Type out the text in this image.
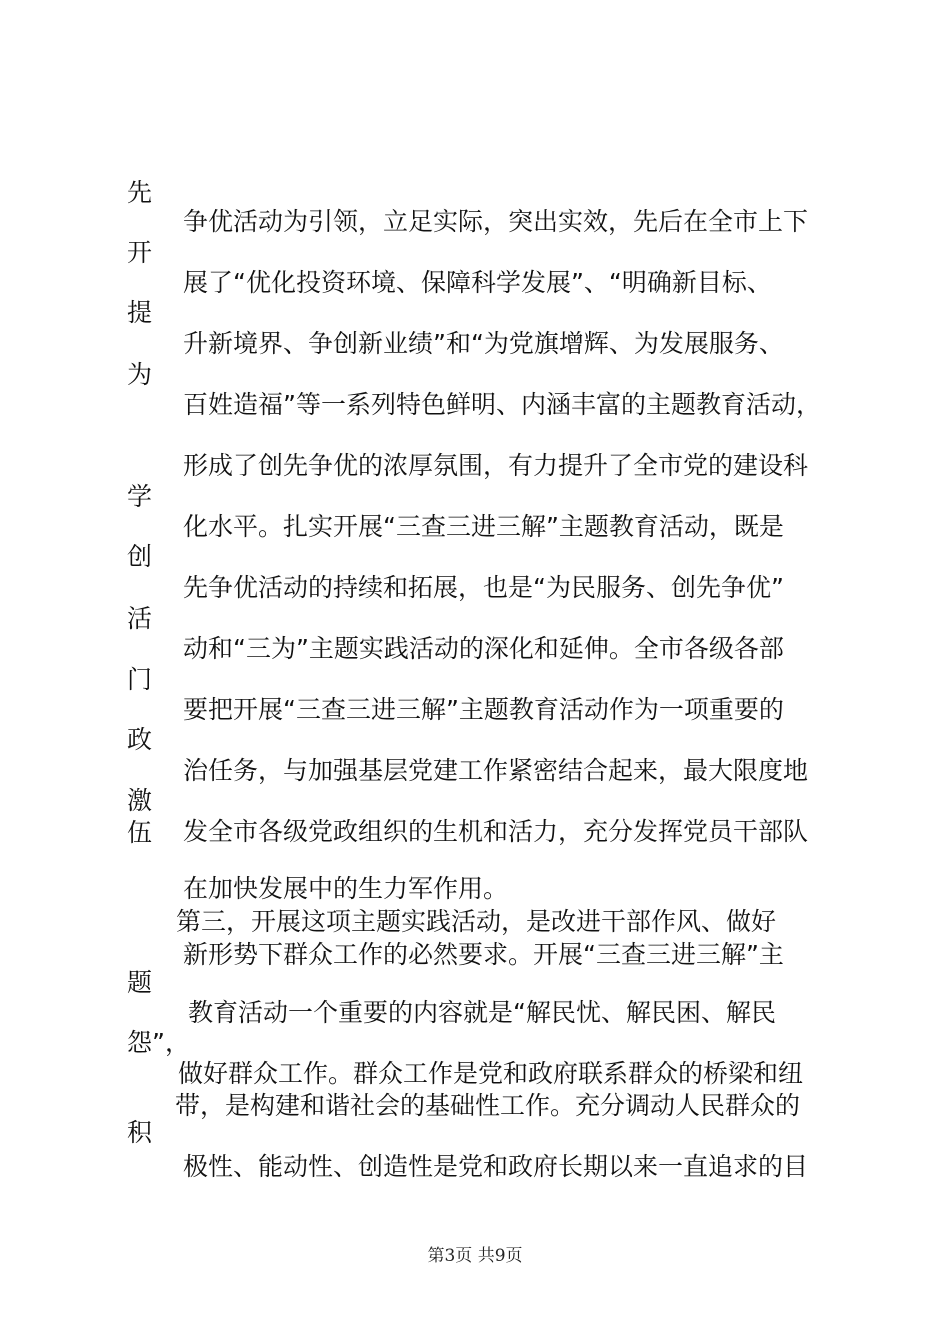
先
开
提
为
学
创
活
门
政
激
伍
题
怨”，
积
争优活动为引领，立足实际，突出实效，先后在全市上下
展了“优化投资环境、保障科学发展”、“明确新目标、
升新境界、争创新业绩”和“为党旗增辉、为发展服务、
百姓造福”等一系列特色鲜明、内涵丰富的主题教育活动，
形成了创先争优的浓厚氛围，有力提升了全市党的建设科
化水平。扎实开展“三查三进三解”主题教育活动，既是
先争优活动的持续和拓展，也是“为民服务、创先争优”
动和“三为”主题实践活动的深化和延伸。全市各级各部
要把开展“三查三进三解”主题教育活动作为一项重要的
治任务，与加强基层党建工作紧密结合起来，最大限度地
发全市各级党政组织的生机和活力，充分发挥党员干部队
在加快发展中的生力军作用。
第三，开展这项主题实践活动，是改进干部作风、做好
新形势下群众工作的必然要求。开展“三查三进三解”主
教育活动一个重要的内容就是“解民忧、解民困、解民
做好群众工作。群众工作是党和政府联系群众的桥梁和纽
带，是构建和谐社会的基础性工作。充分调动人民群众的
极性、能动性、创造性是党和政府长期以来一直追求的目
第3页 共9页
